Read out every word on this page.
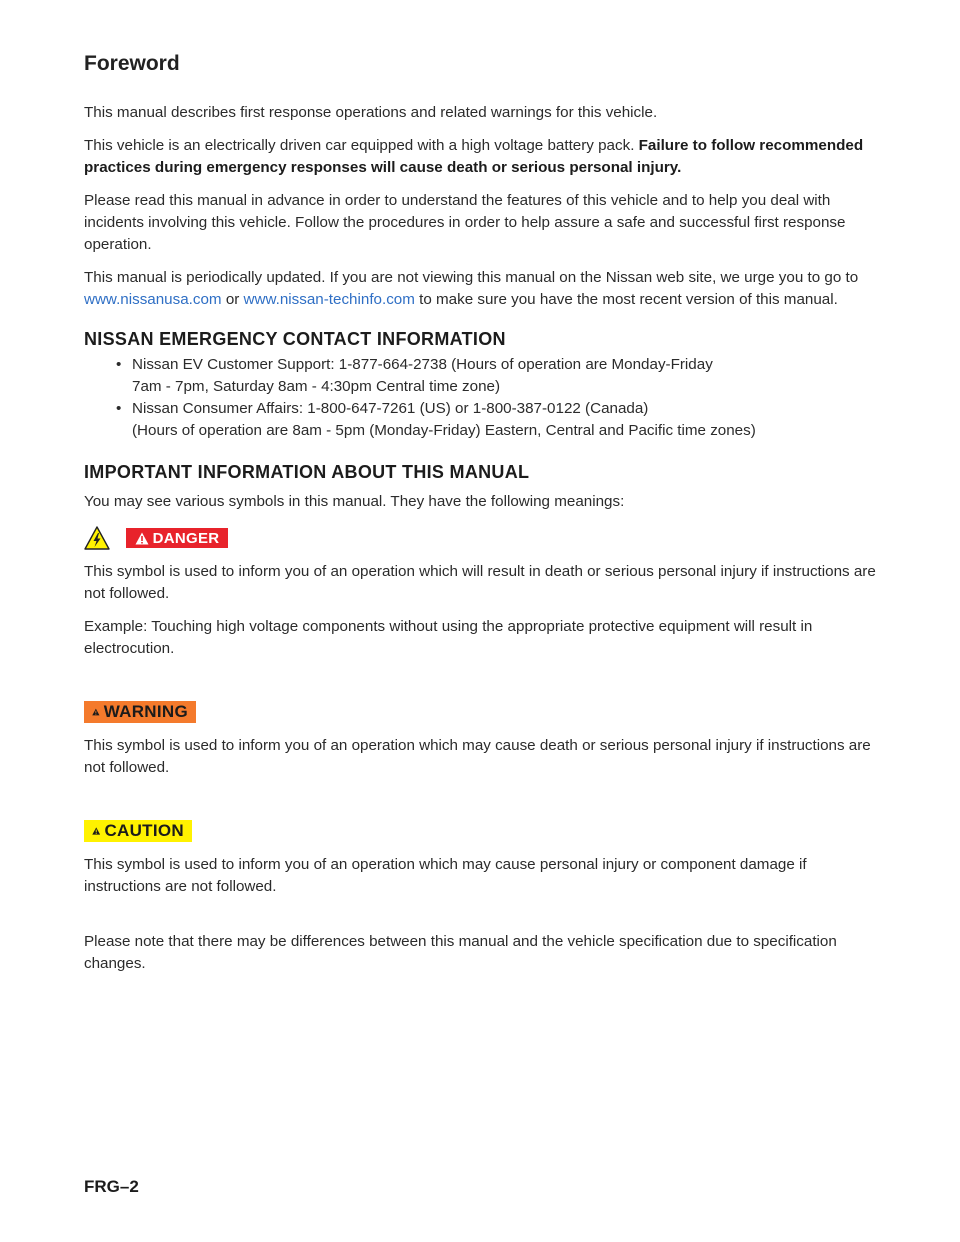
Foreword

This manual describes first response operations and related warnings for this vehicle.

This vehicle is an electrically driven car equipped with a high voltage battery pack. Failure to follow recommended practices during emergency responses will cause death or serious personal injury.

Please read this manual in advance in order to understand the features of this vehicle and to help you deal with incidents involving this vehicle. Follow the procedures in order to help assure a safe and successful first response operation.

This manual is periodically updated. If you are not viewing this manual on the Nissan web site, we urge you to go to www.nissanusa.com or www.nissan-techinfo.com to make sure you have the most recent version of this manual.

NISSAN EMERGENCY CONTACT INFORMATION
• Nissan EV Customer Support: 1-877-664-2738 (Hours of operation are Monday-Friday
7am - 7pm, Saturday 8am - 4:30pm Central time zone)
• Nissan Consumer Affairs: 1-800-647-7261 (US) or 1-800-387-0122 (Canada)
(Hours of operation are 8am - 5pm (Monday-Friday) Eastern, Central and Pacific time zones)
IMPORTANT INFORMATION ABOUT THIS MANUAL

You may see various symbols in this manual. They have the following meanings:

DANGER

This symbol is used to inform you of an operation which will result in death or serious personal injury if instructions are not followed.

Example: Touching high voltage components without using the appropriate protective equipment will result in electrocution.

WARNING

This symbol is used to inform you of an operation which may cause death or serious personal injury if instructions are not followed.

CAUTION

This symbol is used to inform you of an operation which may cause personal injury or component damage if instructions are not followed.

Please note that there may be differences between this manual and the vehicle specification due to specification changes.

FRG–2
